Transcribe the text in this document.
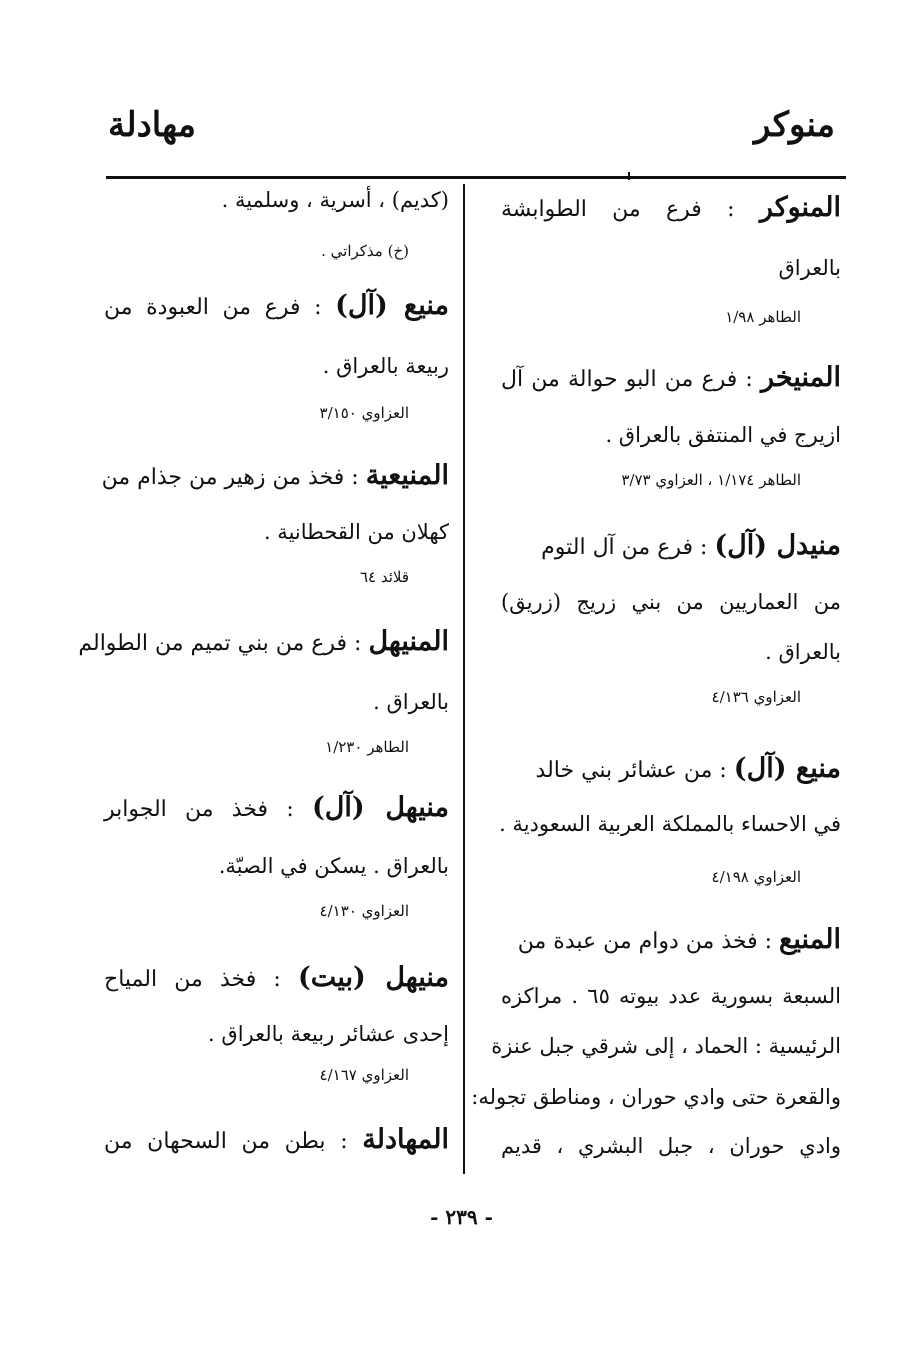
منوكر
مهادلة
المنوكر : فرع من الطوابشة
بالعراق
الطاهر ١/٩٨
المنيخر : فرع من البو حوالة من آل
ازيرج في المنتفق بالعراق .
الطاهر ١/١٧٤ ، العزاوي ٣/٧٣
منيدل (آل) : فرع من آل التوم
من العماريين من بني زريج (زريق)
بالعراق .
العزاوي ٤/١٣٦
منيع (آل) : من عشائر بني خالد
في الاحساء بالمملكة العربية السعودية .
العزاوي ٤/١٩٨
المنيع : فخذ من دوام من عبدة من
السبعة بسورية عدد بيوته ٦٥ . مراكزه
الرئيسية : الحماد ، إلى شرقي جبل عنزة
والقعرة حتى وادي حوران ، ومناطق تجوله:
وادي حوران ، جبل البشري ، قديم
(كديم) ، أسرية ، وسلمية .
(خ) مذكراتي .
منيع (آل) : فرع من العبودة من
ربيعة بالعراق .
العزاوي ٣/١٥٠
المنيعية : فخذ من زهير من جذام من
كهلان من القحطانية .
قلائد ٦٤
المنيهل : فرع من بني تميم من الطوالم
بالعراق .
الطاهر ١/٢٣٠
منيهل (آل) : فخذ من الجوابر
بالعراق . يسكن في الصبّة.
العزاوي ٤/١٣٠
منيهل (بيت) : فخذ من المياح
إحدى عشائر ربيعة بالعراق .
العزاوي ٤/١٦٧
المهادلة : بطن من السحهان من
- ٢٣٩ -
